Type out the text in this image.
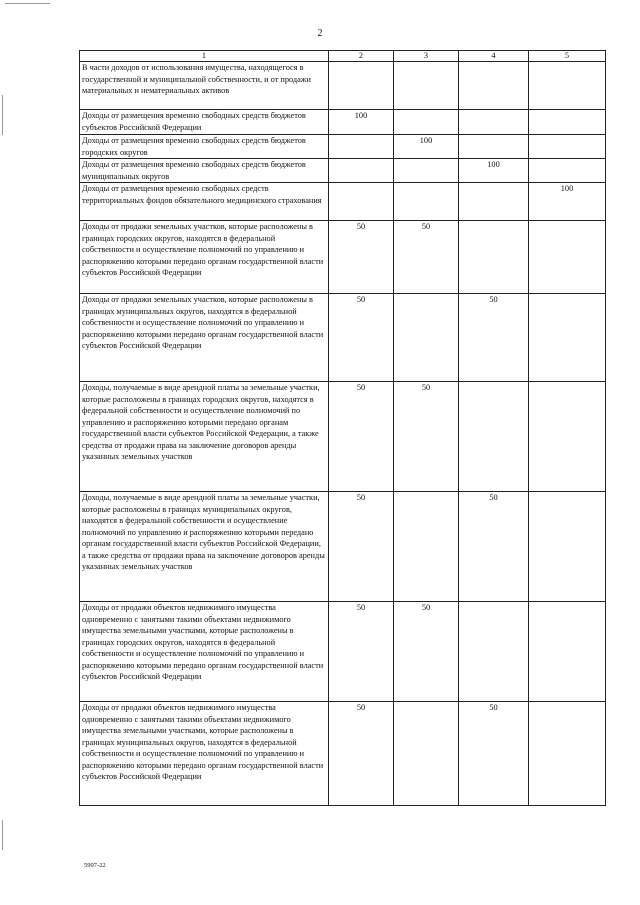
2
1	2	3	4	5
В части доходов от использования имущества, находящегося в государственной и муниципальной собственности, и от продажи материальных и нематериальных активов				
Доходы от размещения временно свободных средств бюджетов субъектов Российской Федерации	100			
Доходы от размещения временно свободных средств бюджетов городских округов		100		
Доходы от размещения временно свободных средств бюджетов муниципальных округов			100	
Доходы от размещения временно свободных средств территориальных фондов обязательного медицинского страхования				100
Доходы от продажи земельных участков, которые расположены в границах городских округов, находятся в федеральной собственности и осуществление полномочий по управлению и распоряжению которыми передано органам государственной власти субъектов Российской Федерации	50	50		
Доходы от продажи земельных участков, которые расположены в границах муниципальных округов, находятся в федеральной собственности и осуществление полномочий по управлению и распоряжению которыми передано органам государственной власти субъектов Российской Федерации	50		50	
Доходы, получаемые в виде арендной платы за земельные участки, которые расположены в границах городских округов, находятся в федеральной собственности и осуществление полномочий по управлению и распоряжению которыми передано органам государственной власти субъектов Российской Федерации, а также средства от продажи права на заключение договоров аренды указанных земельных участков	50	50		
Доходы, получаемые в виде арендной платы за земельные участки, которые расположены в границах муниципальных округов, находятся в федеральной собственности и осуществление полномочий по управлению и распоряжению которыми передано органам государственной власти субъектов Российской Федерации, а также средства от продажи права на заключение договоров аренды указанных земельных участков	50		50	
Доходы от продажи объектов недвижимого имущества одновременно с занятыми такими объектами недвижимого имущества земельными участками, которые расположены в границах городских округов, находятся в федеральной собственности и осуществление полномочий по управлению и распоряжению которыми передано органам государственной власти субъектов Российской Федерации	50	50		
Доходы от продажи объектов недвижимого имущества одновременно с занятыми такими объектами недвижимого имущества земельными участками, которые расположены в границах муниципальных округов, находятся в федеральной собственности и осуществление полномочий по управлению и распоряжению которыми передано органам государственной власти субъектов Российской Федерации	50		50	
5997-22
